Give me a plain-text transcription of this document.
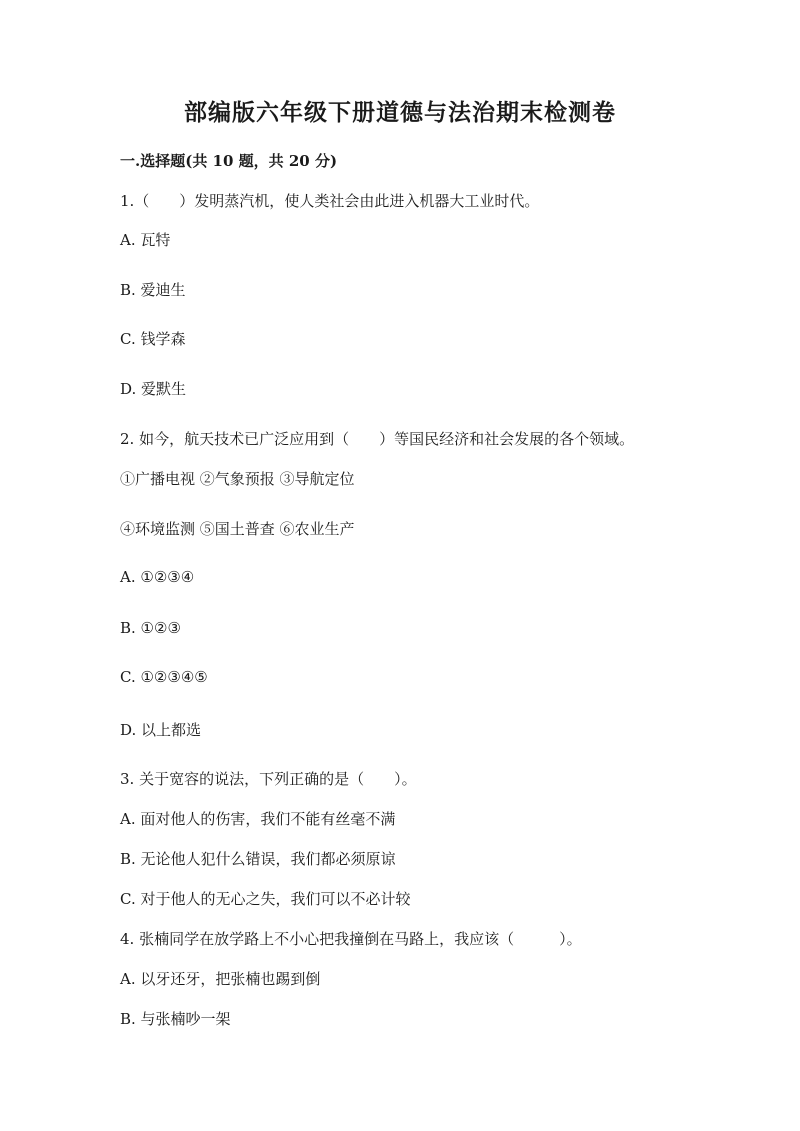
部编版六年级下册道德与法治期末检测卷
一.选择题(共 10 题，共 20 分)
1.（　　）发明蒸汽机，使人类社会由此进入机器大工业时代。
A. 瓦特
B. 爱迪生
C. 钱学森
D. 爱默生
2. 如今，航天技术已广泛应用到（　　）等国民经济和社会发展的各个领域。
①广播电视 ②气象预报 ③导航定位
④环境监测 ⑤国土普查 ⑥农业生产
A. ①②③④
B. ①②③
C. ①②③④⑤
D. 以上都选
3. 关于宽容的说法，下列正确的是（　　）。
A. 面对他人的伤害，我们不能有丝毫不满
B. 无论他人犯什么错误，我们都必须原谅
C. 对于他人的无心之失，我们可以不必计较
4. 张楠同学在放学路上不小心把我撞倒在马路上，我应该（　　　）。
A. 以牙还牙，把张楠也踢到倒
B. 与张楠吵一架
